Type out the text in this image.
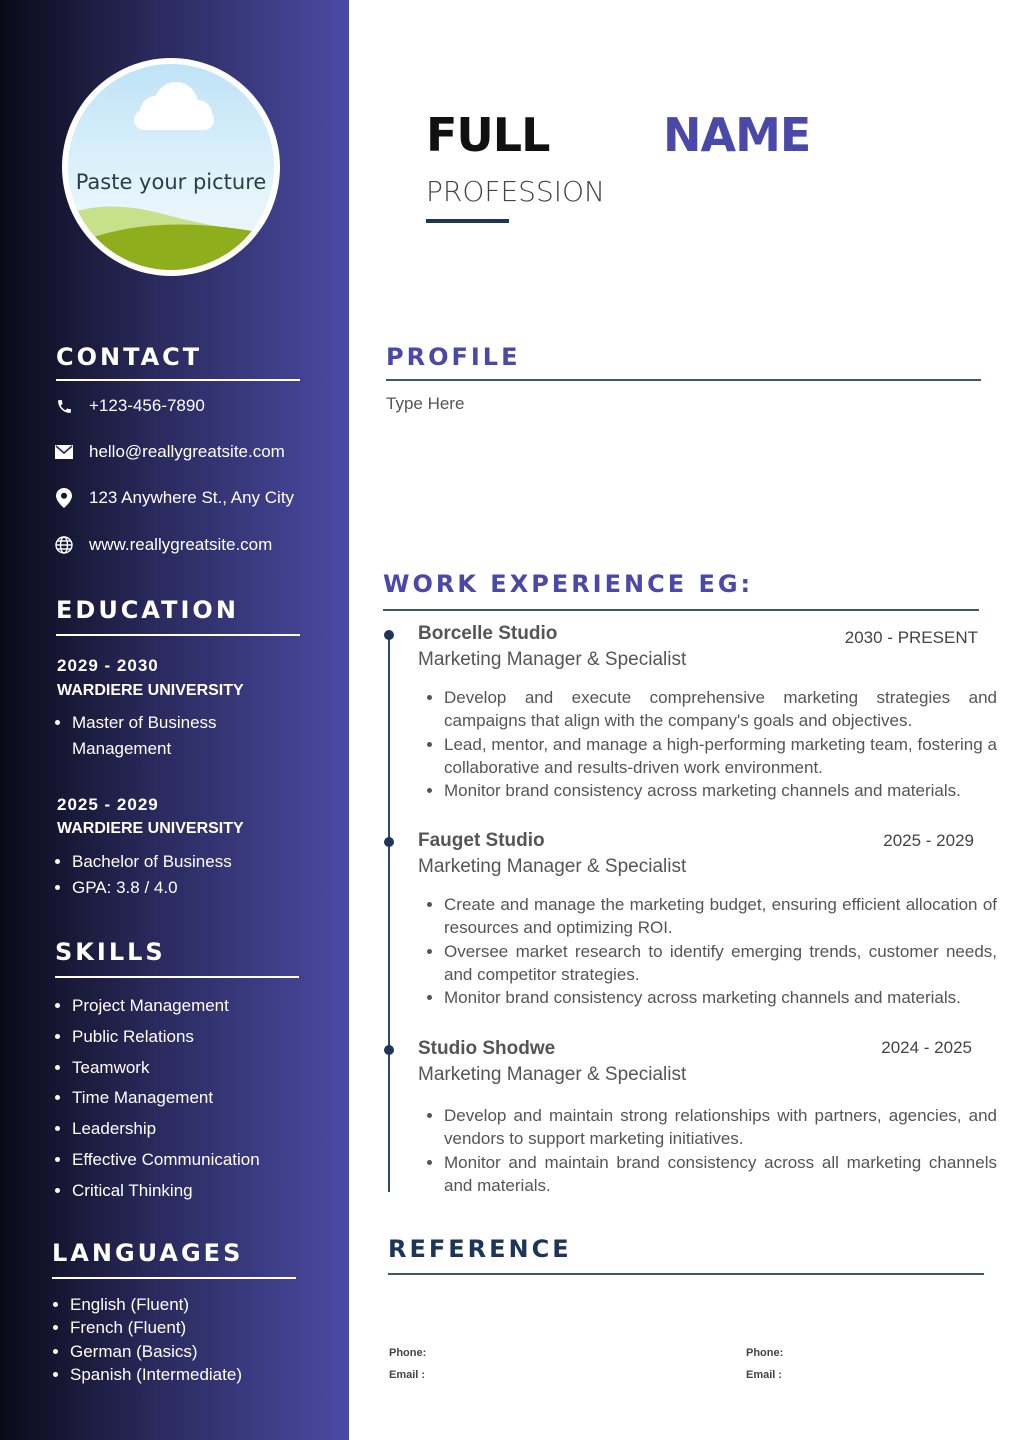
Paste your picture
CONTACT
+123-456-7890
hello@reallygreatsite.com
123 Anywhere St., Any City
www.reallygreatsite.com
EDUCATION
2029 - 2030
WARDIERE UNIVERSITY
• Master of Business Management
2025 - 2029
WARDIERE UNIVERSITY
• Bachelor of Business
• GPA: 3.8 / 4.0
SKILLS
• Project Management
• Public Relations
• Teamwork
• Time Management
• Leadership
• Effective Communication
• Critical Thinking
LANGUAGES
• English (Fluent)
• French (Fluent)
• German (Basics)
• Spanish (Intermediate)
FULL NAME
PROFESSION
PROFILE
Type Here
WORK EXPERIENCE EG:
Borcelle Studio
Marketing Manager & Specialist
2030 - PRESENT
• Develop and execute comprehensive marketing strategies and campaigns that align with the company's goals and objectives.
• Lead, mentor, and manage a high-performing marketing team, fostering a collaborative and results-driven work environment.
• Monitor brand consistency across marketing channels and materials.
Fauget Studio
Marketing Manager & Specialist
2025 - 2029
• Create and manage the marketing budget, ensuring efficient allocation of resources and optimizing ROI.
• Oversee market research to identify emerging trends, customer needs, and competitor strategies.
• Monitor brand consistency across marketing channels and materials.
Studio Shodwe
Marketing Manager & Specialist
2024 - 2025
• Develop and maintain strong relationships with partners, agencies, and vendors to support marketing initiatives.
• Monitor and maintain brand consistency across all marketing channels and materials.
REFERENCE
Phone:
Email :
Phone:
Email :
